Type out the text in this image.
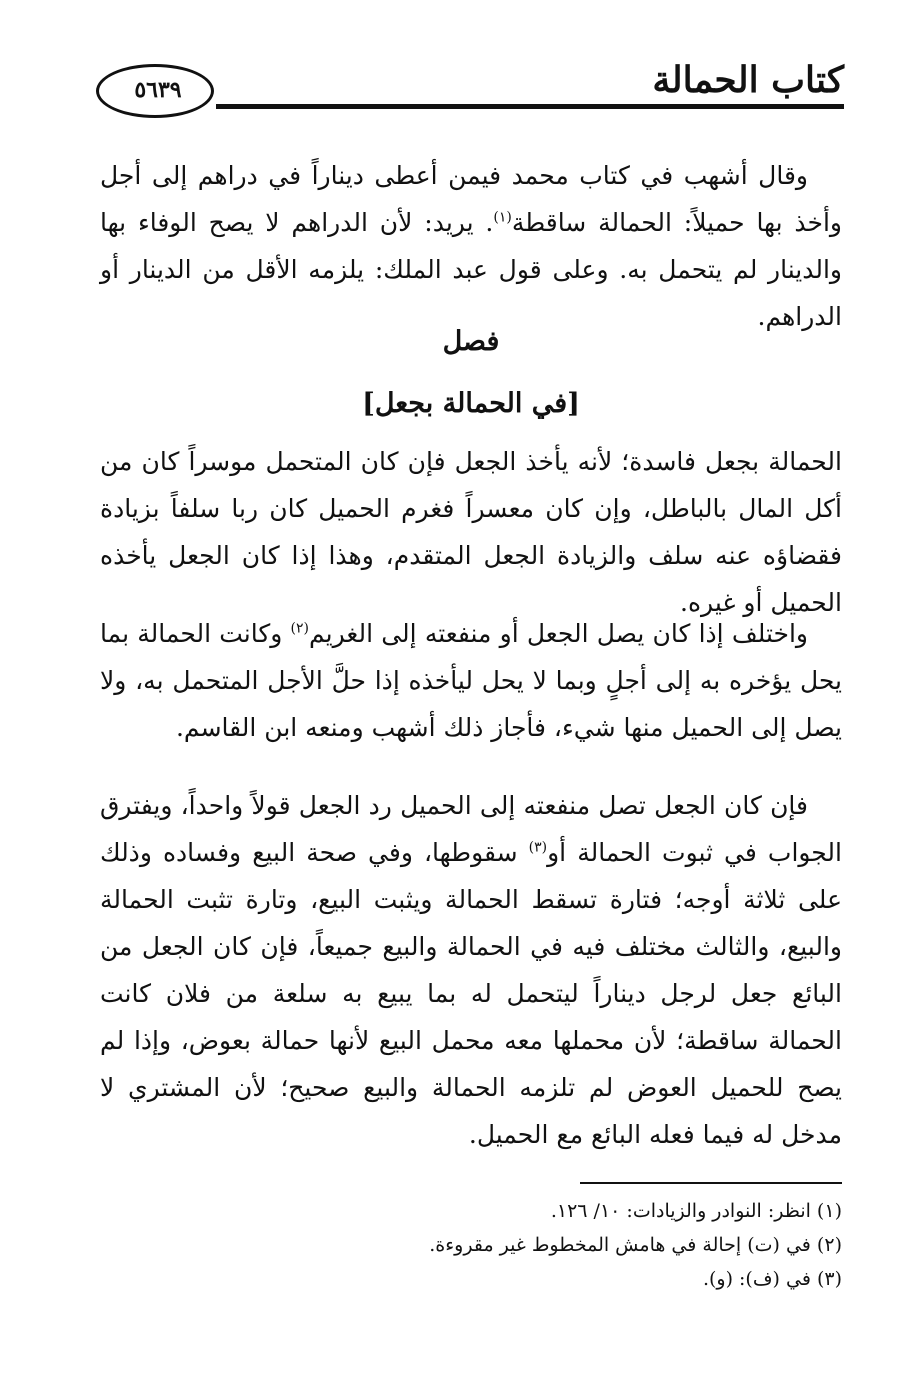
كتاب الحمالة
٥٦٣٩

وقال أشهب في كتاب محمد فيمن أعطى ديناراً في دراهم إلى أجل وأخذ بها حميلاً: الحمالة ساقطة$^{(١)}$. يريد: لأن الدراهم لا يصح الوفاء بها والدينار لم يتحمل به. وعلى قول عبد الملك: يلزمه الأقل من الدينار أو الدراهم.

فصل
[في الحمالة بجعل]

الحمالة بجعل فاسدة؛ لأنه يأخذ الجعل فإن كان المتحمل موسراً كان من أكل المال بالباطل، وإن كان معسراً فغرم الحميل كان ربا سلفاً بزيادة فقضاؤه عنه سلف والزيادة الجعل المتقدم، وهذا إذا كان الجعل يأخذه الحميل أو غيره.

واختلف إذا كان يصل الجعل أو منفعته إلى الغريم$^{(٢)}$ وكانت الحمالة بما يحل يؤخره به إلى أجلٍ وبما لا يحل ليأخذه إذا حلَّ الأجل المتحمل به، ولا يصل إلى الحميل منها شيء، فأجاز ذلك أشهب ومنعه ابن القاسم.

فإن كان الجعل تصل منفعته إلى الحميل رد الجعل قولاً واحداً، ويفترق الجواب في ثبوت الحمالة أو$^{(٣)}$ سقوطها، وفي صحة البيع وفساده وذلك على ثلاثة أوجه؛ فتارة تسقط الحمالة ويثبت البيع، وتارة تثبت الحمالة والبيع، والثالث مختلف فيه في الحمالة والبيع جميعاً، فإن كان الجعل من البائع جعل لرجل ديناراً ليتحمل له بما يبيع به سلعة من فلان كانت الحمالة ساقطة؛ لأن محملها معه محمل البيع لأنها حمالة بعوض، وإذا لم يصح للحميل العوض لم تلزمه الحمالة والبيع صحيح؛ لأن المشتري لا مدخل له فيما فعله البائع مع الحميل.

(١) انظر: النوادر والزيادات: ١٠/ ١٢٦.

(٢) في (ت) إحالة في هامش المخطوط غير مقروءة.

(٣) في (ف): (و).
